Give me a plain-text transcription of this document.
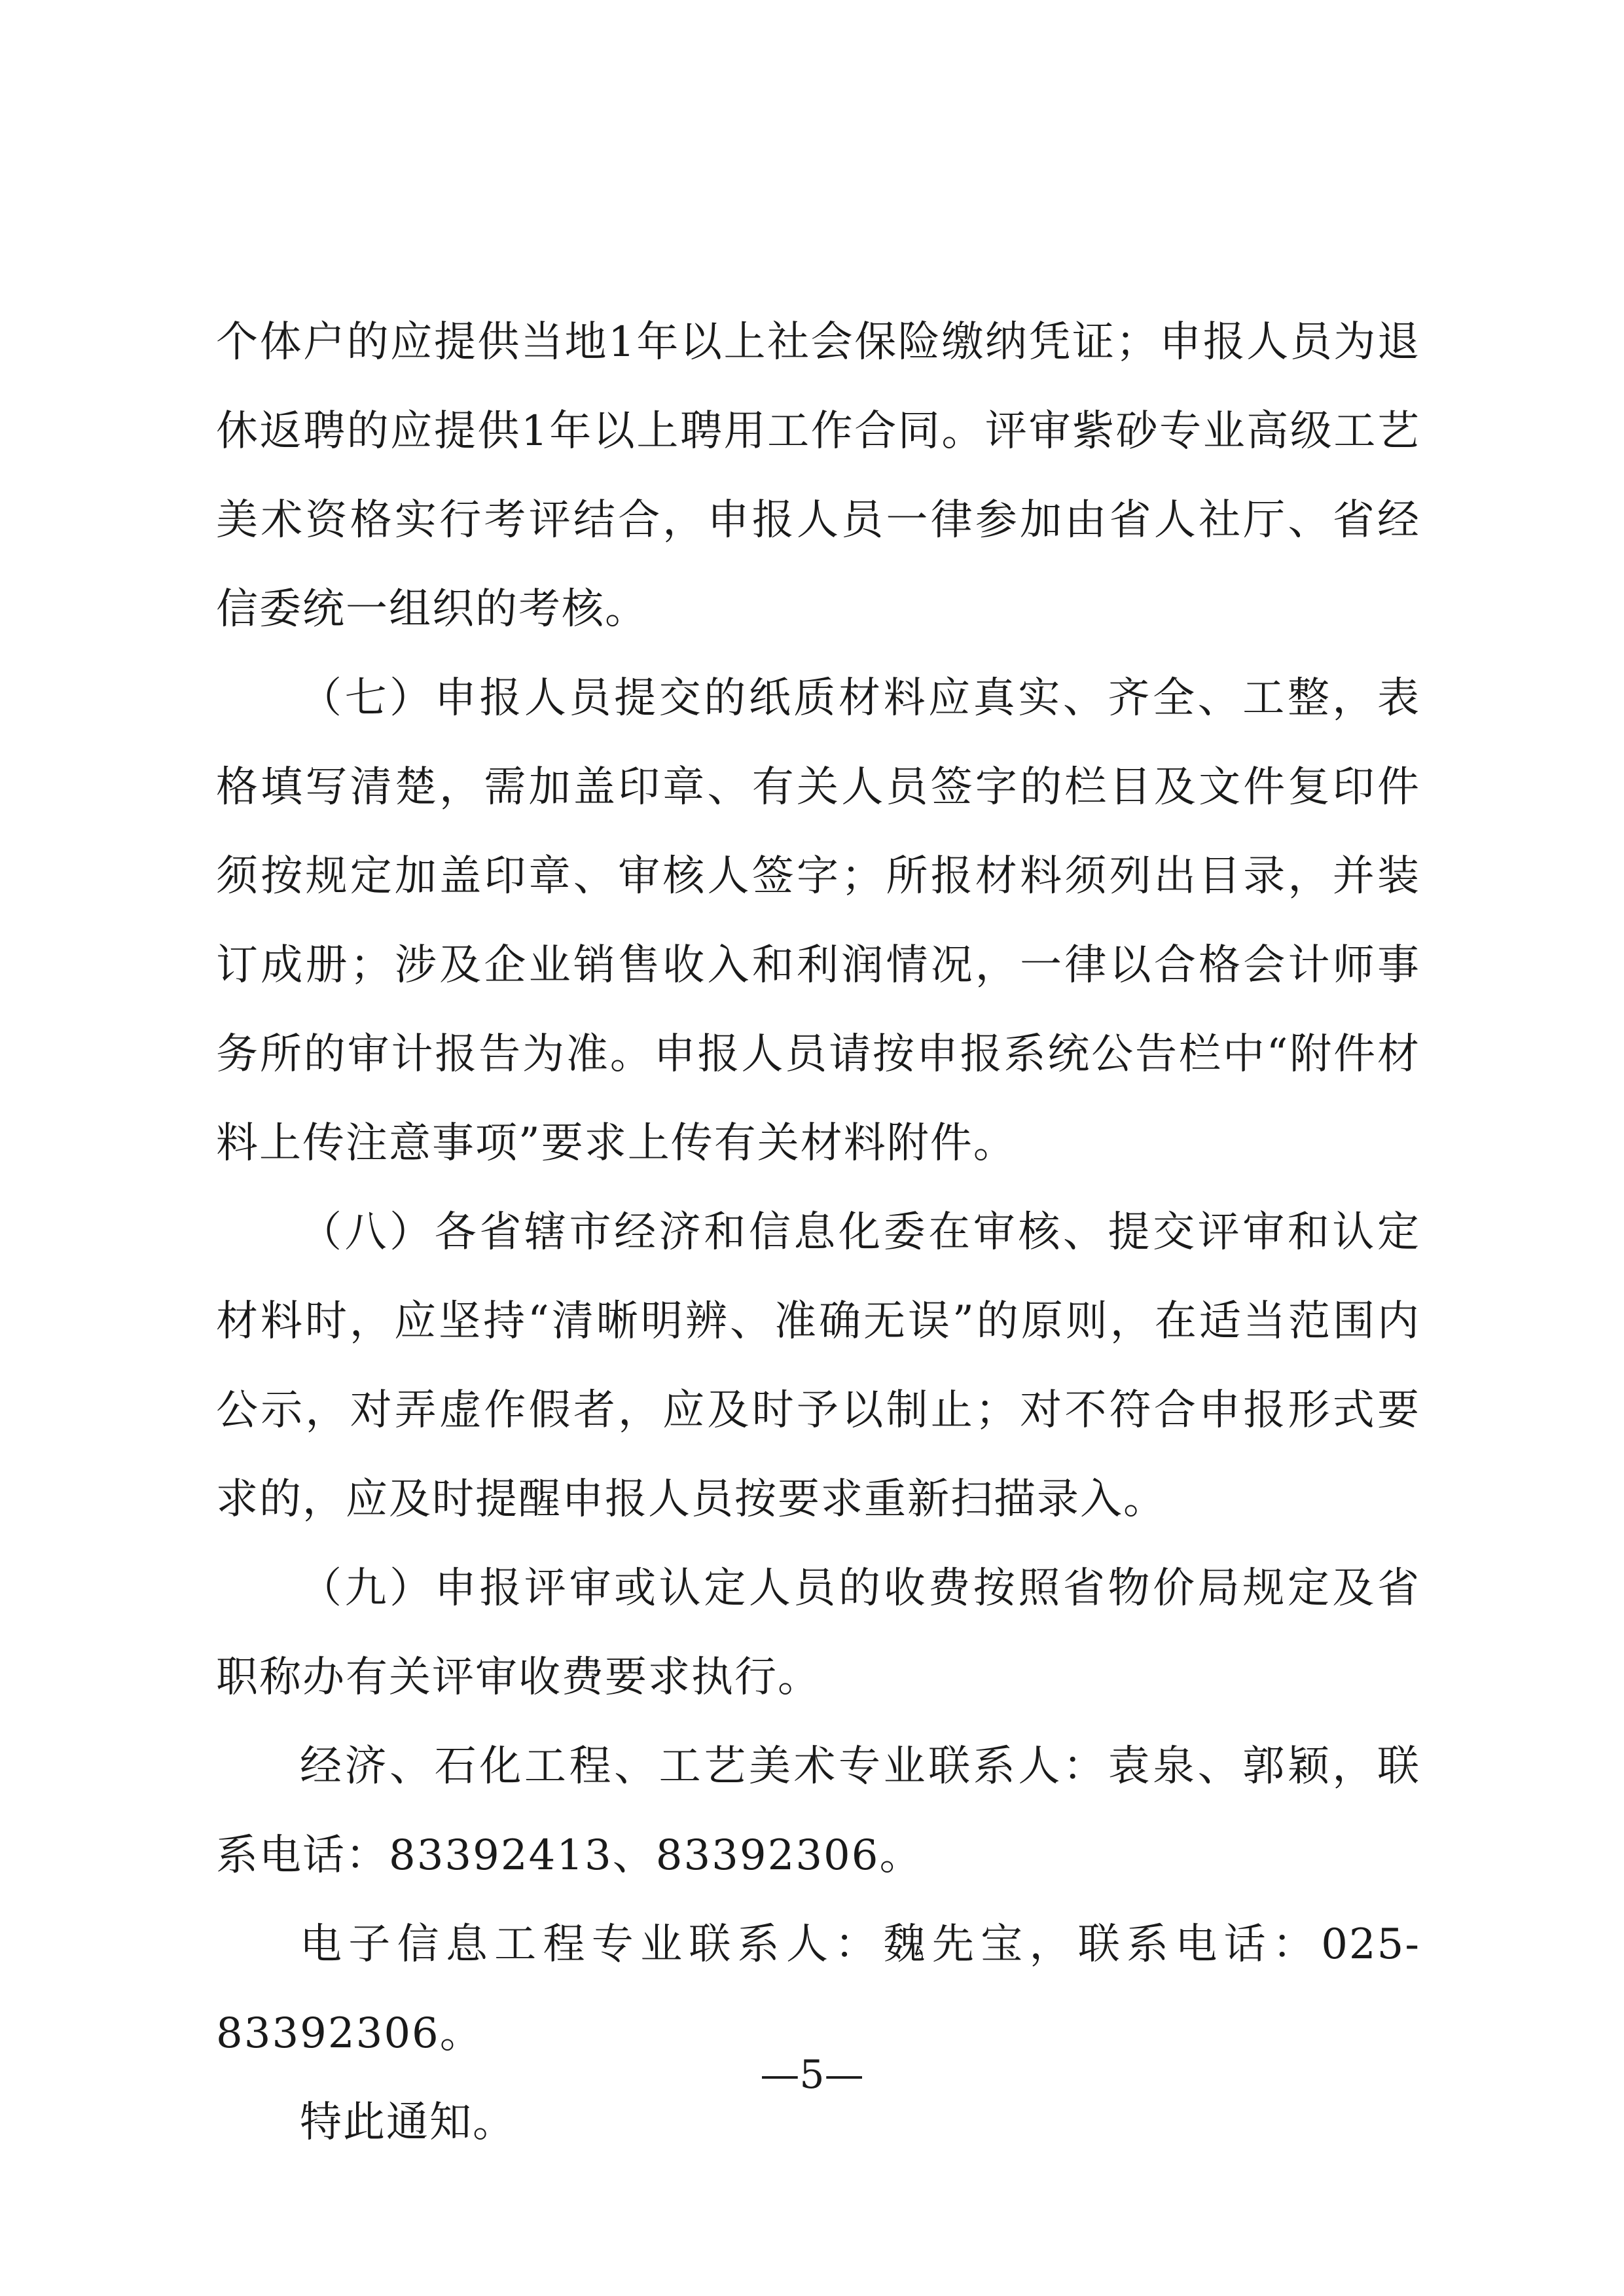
个体户的应提供当地1年以上社会保险缴纳凭证；申报人员为退休返聘的应提供1年以上聘用工作合同。评审紫砂专业高级工艺美术资格实行考评结合，申报人员一律参加由省人社厅、省经信委统一组织的考核。

（七）申报人员提交的纸质材料应真实、齐全、工整，表格填写清楚，需加盖印章、有关人员签字的栏目及文件复印件须按规定加盖印章、审核人签字；所报材料须列出目录，并装订成册；涉及企业销售收入和利润情况，一律以合格会计师事务所的审计报告为准。申报人员请按申报系统公告栏中“附件材料上传注意事项”要求上传有关材料附件。

（八）各省辖市经济和信息化委在审核、提交评审和认定材料时，应坚持“清晰明辨、准确无误”的原则，在适当范围内公示，对弄虚作假者，应及时予以制止；对不符合申报形式要求的，应及时提醒申报人员按要求重新扫描录入。

（九）申报评审或认定人员的收费按照省物价局规定及省职称办有关评审收费要求执行。

经济、石化工程、工艺美术专业联系人：袁泉、郭颖，联系电话：83392413、83392306。

电子信息工程专业联系人：魏先宝，联系电话：025-83392306。

特此通知。

—5—
